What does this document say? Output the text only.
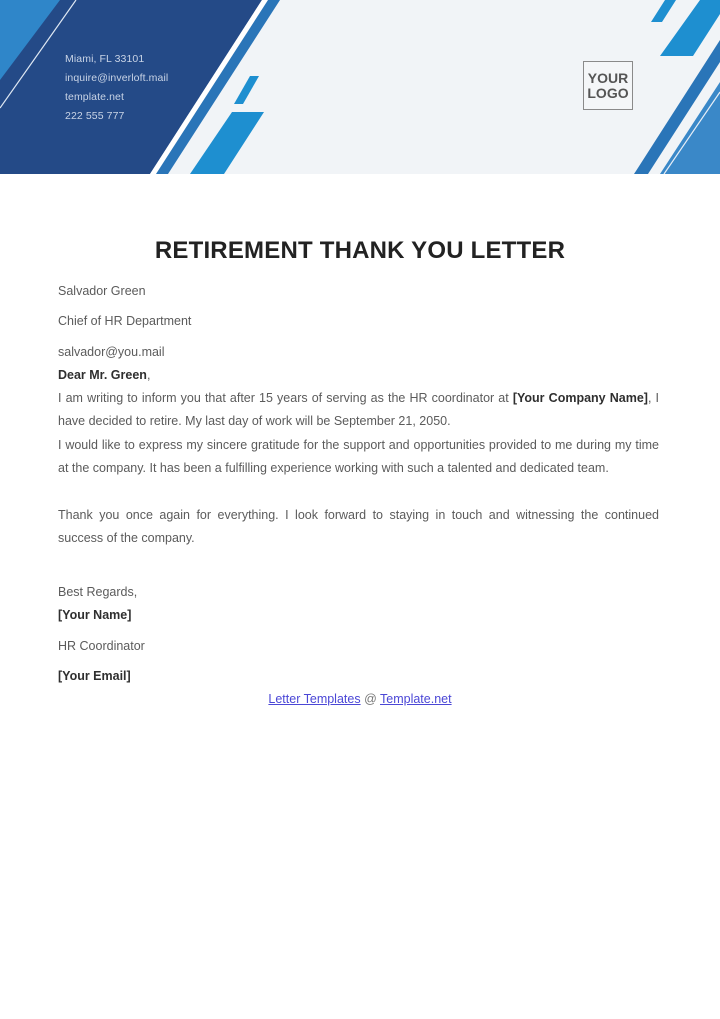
Miami, FL 33101
inquire@inverloft.mail
template.net
222 555 777
YOUR
LOGO
RETIREMENT THANK YOU LETTER
Salvador Green
Chief of HR Department
salvador@you.mail
Dear Mr. Green,
I am writing to inform you that after 15 years of serving as the HR coordinator at [Your Company Name], I have decided to retire. My last day of work will be September 21, 2050.
I would like to express my sincere gratitude for the support and opportunities provided to me during my time at the company. It has been a fulfilling experience working with such a talented and dedicated team.
Thank you once again for everything. I look forward to staying in touch and witnessing the continued success of the company.
Best Regards,
[Your Name]
HR Coordinator
[Your Email]
Letter Templates @ Template.net
